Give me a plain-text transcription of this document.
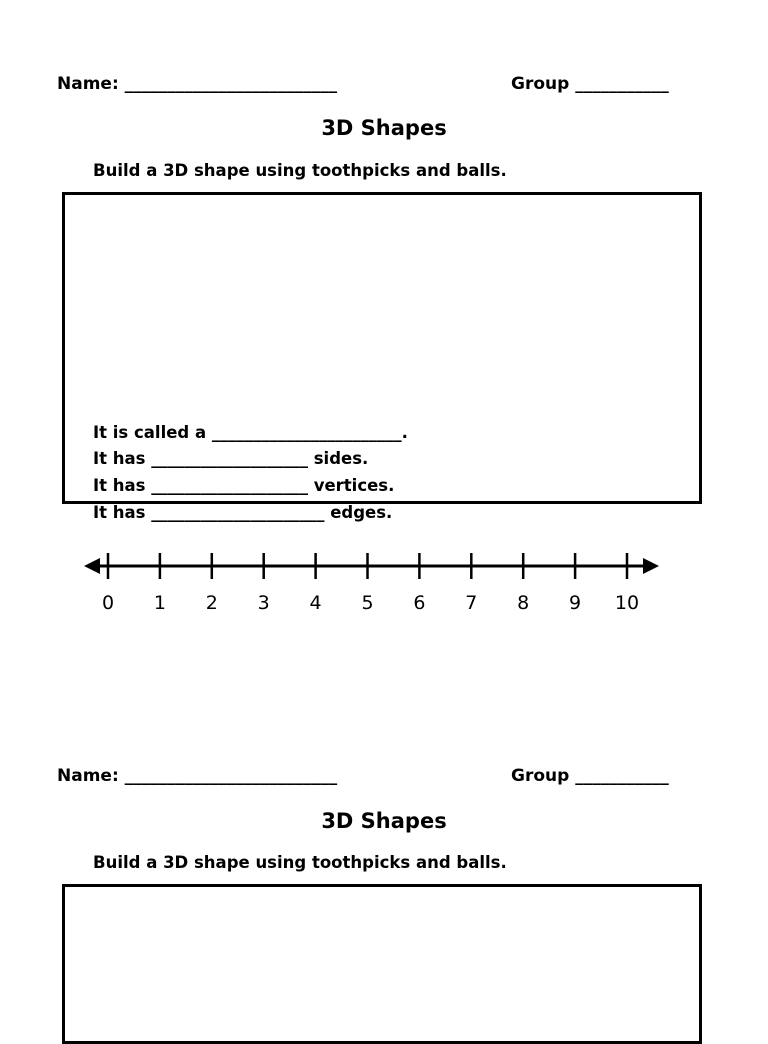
Name: _________________________	Group ___________
3D Shapes
Build a 3D shape using toothpicks and balls.
It is called a _______________________.
It has ___________________ sides.
It has ___________________ vertices.
It has _____________________ edges.
0 1 2 3 4 5 6 7 8 9 10
Name: _________________________	Group ___________
3D Shapes
Build a 3D shape using toothpicks and balls.
